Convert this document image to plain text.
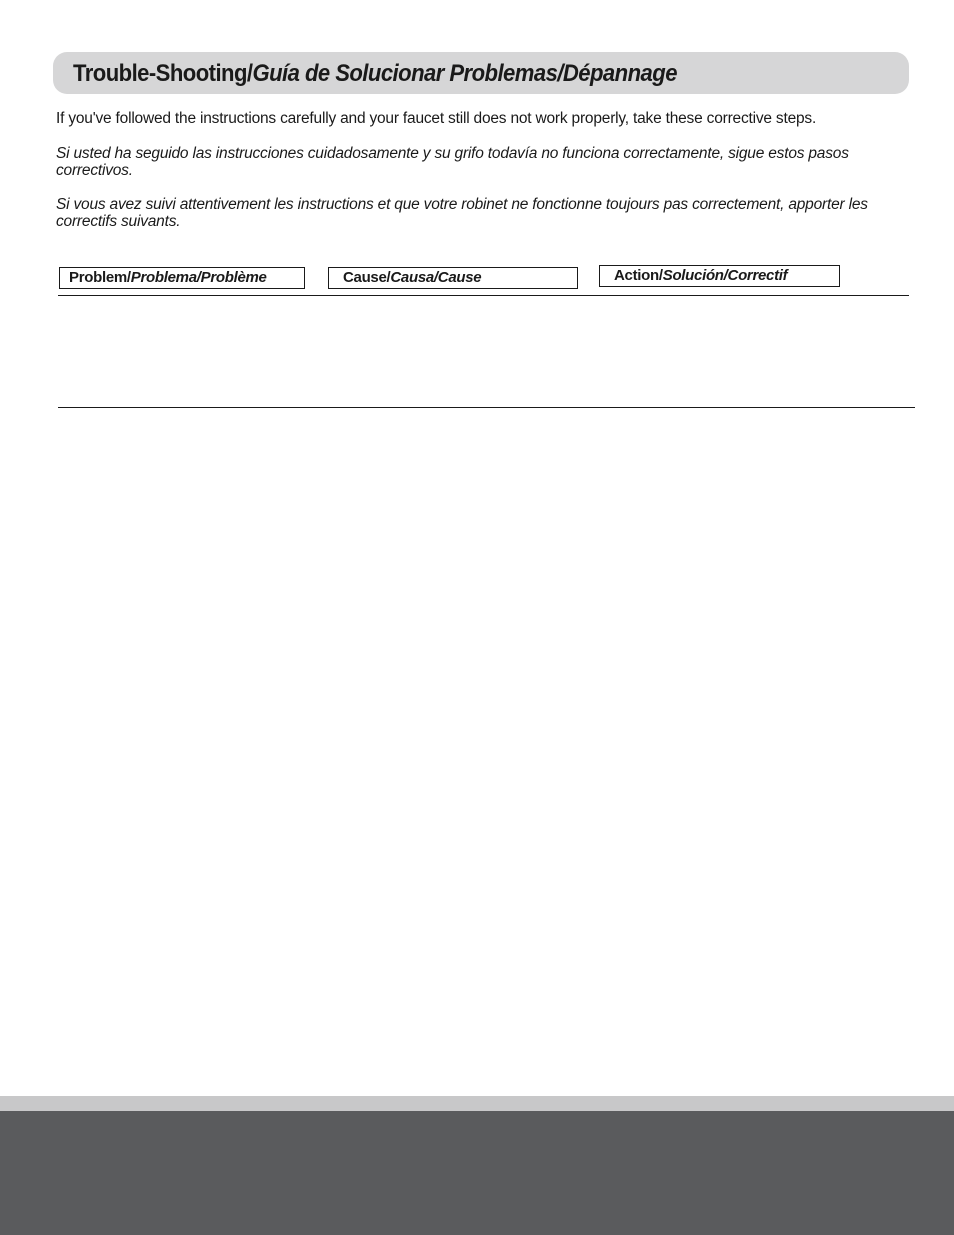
Trouble-Shooting/Guía de Solucionar Problemas/Dépannage
If you've followed the instructions carefully and your faucet still does not work properly, take these corrective steps.
Si usted ha seguido las instrucciones cuidadosamente y su grifo todavía no funciona correctamente, sigue estos pasos correctivos.
Si vous avez suivi attentivement les instructions et que votre robinet ne fonctionne toujours pas correctement, apporter les correctifs suivants.
Problem/Problema/Problème	Cause/Causa/Cause	Action/Solución/Correctif
